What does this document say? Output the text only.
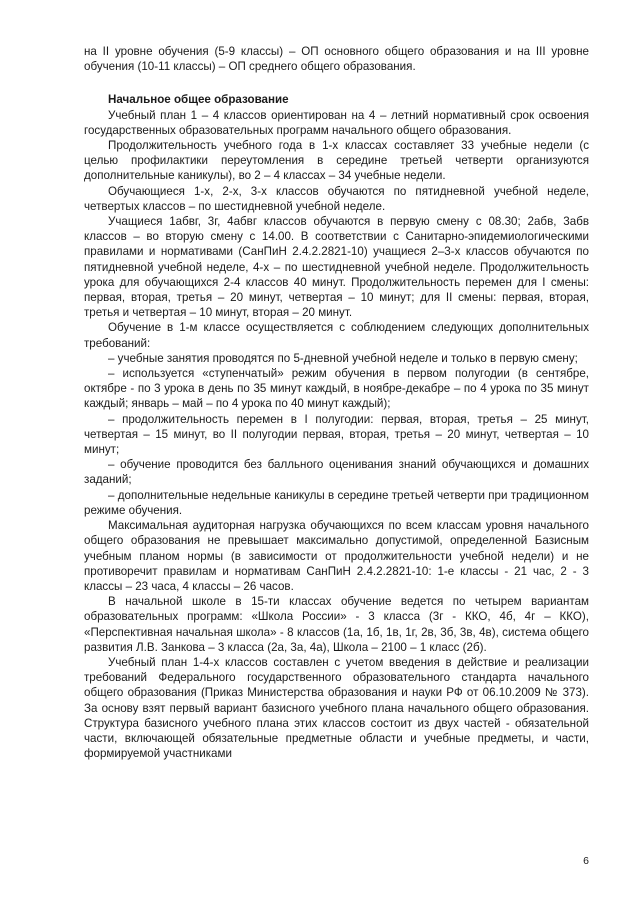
на II уровне обучения (5-9 классы) – ОП основного общего образования и на III уровне обучения (10-11 классы) – ОП среднего общего образования.

Начальное общее образование

Учебный план 1 – 4 классов ориентирован на 4 – летний нормативный срок освоения государственных образовательных программ начального общего образования.

Продолжительность учебного года в 1-х классах составляет 33 учебные недели (с целью профилактики переутомления в середине третьей четверти организуются дополнительные каникулы), во 2 – 4 классах – 34 учебные недели.

Обучающиеся 1-х, 2-х, 3-х классов обучаются по пятидневной учебной неделе, четвертых классов – по шестидневной учебной неделе.

Учащиеся 1абвг, 3г, 4абвг классов обучаются в первую смену с 08.30; 2абв, 3абв классов – во вторую смену с 14.00. В соответствии с Санитарно-эпидемиологическими правилами и нормативами (СанПиН 2.4.2.2821-10) учащиеся 2–3-х классов обучаются по пятидневной учебной неделе, 4-х – по шестидневной учебной неделе. Продолжительность урока для обучающихся 2-4 классов 40 минут. Продолжительность перемен для I смены: первая, вторая, третья – 20 минут, четвертая – 10 минут; для II смены: первая, вторая, третья и четвертая – 10 минут, вторая – 20 минут.

Обучение в 1-м классе осуществляется с соблюдением следующих дополнительных требований:

– учебные занятия проводятся по 5-дневной учебной неделе и только в первую смену;

– используется «ступенчатый» режим обучения в первом полугодии (в сентябре, октябре - по 3 урока в день по 35 минут каждый, в ноябре-декабре – по 4 урока по 35 минут каждый; январь – май – по 4 урока по 40 минут каждый);

– продолжительность перемен в I полугодии: первая, вторая, третья – 25 минут, четвертая – 15 минут, во II полугодии первая, вторая, третья – 20 минут, четвертая – 10 минут;

– обучение проводится без балльного оценивания знаний обучающихся и домашних заданий;

– дополнительные недельные каникулы в середине третьей четверти при традиционном режиме обучения.

Максимальная аудиторная нагрузка обучающихся по всем классам уровня начального общего образования не превышает максимально допустимой, определенной Базисным учебным планом нормы (в зависимости от продолжительности учебной недели) и не противоречит правилам и нормативам СанПиН 2.4.2.2821-10: 1-е классы - 21 час, 2 - 3 классы – 23 часа, 4 классы – 26 часов.

В начальной школе в 15-ти классах обучение ведется по четырем вариантам образовательных программ: «Школа России» - 3 класса (3г - ККО, 4б, 4г – ККО), «Перспективная начальная школа» - 8 классов (1а, 1б, 1в, 1г, 2в, 3б, 3в, 4в), система общего развития Л.В. Занкова – 3 класса (2а, 3а, 4а), Школа – 2100 – 1 класс (2б).

Учебный план 1-4-х классов составлен с учетом введения в действие и реализации требований Федерального государственного образовательного стандарта начального общего образования (Приказ Министерства образования и науки РФ от 06.10.2009 № 373). За основу взят первый вариант базисного учебного плана начального общего образования. Структура базисного учебного плана этих классов состоит из двух частей - обязательной части, включающей обязательные предметные области и учебные предметы, и части, формируемой участниками

6
